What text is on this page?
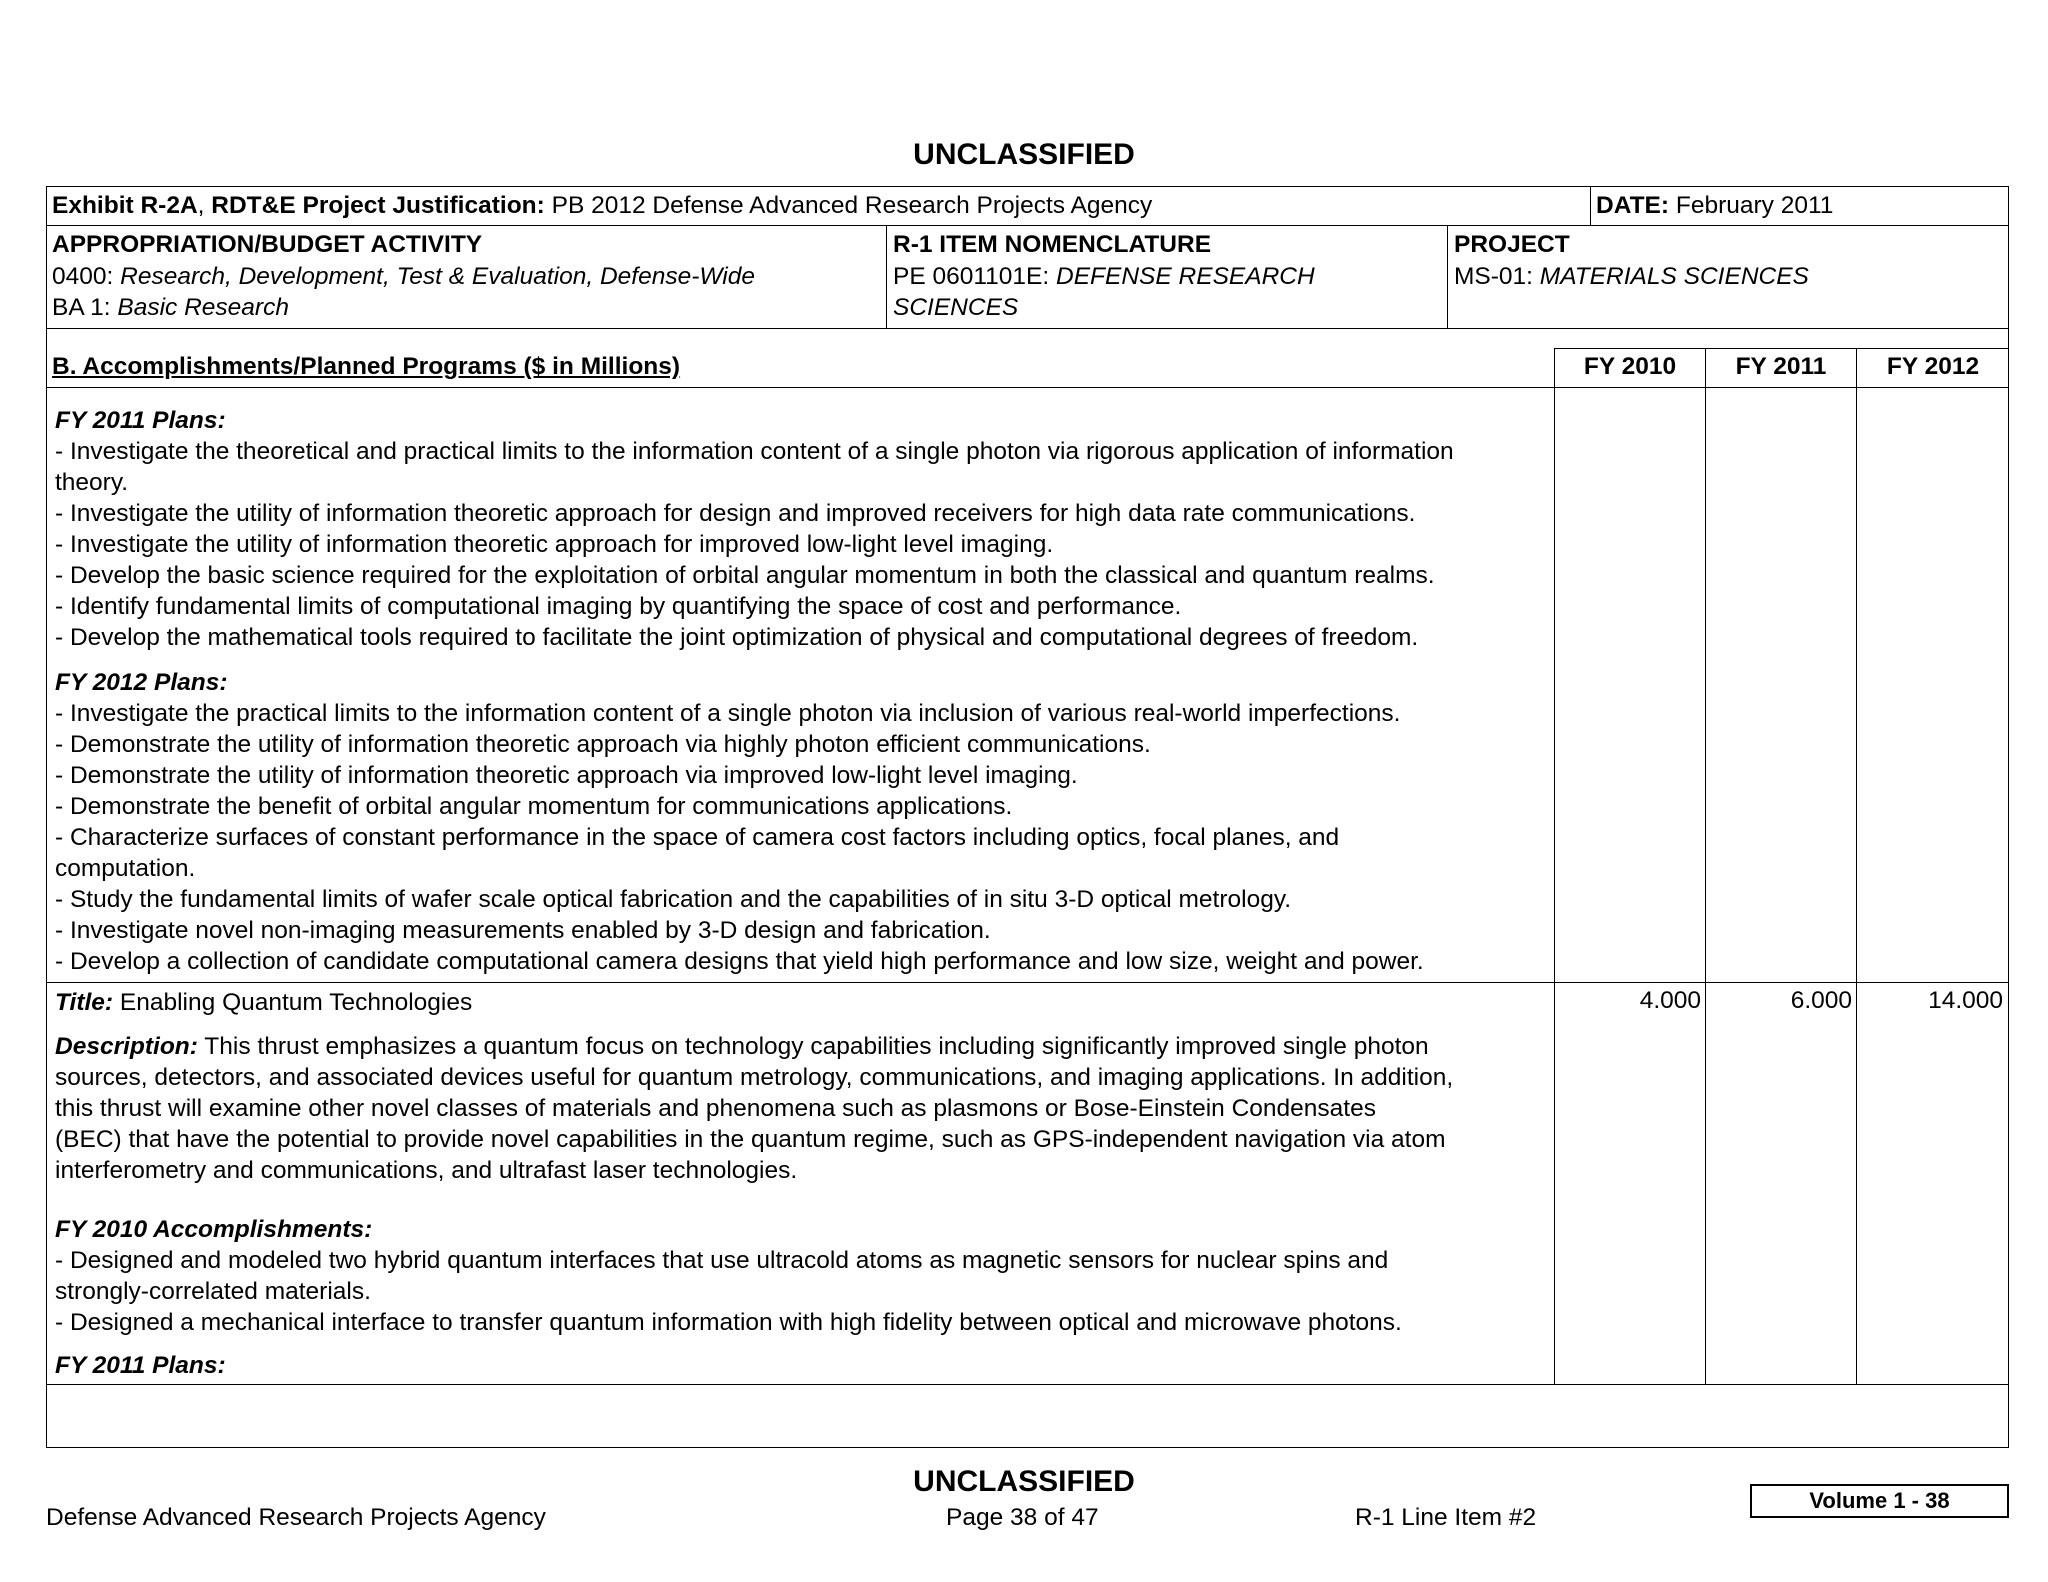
UNCLASSIFIED
Exhibit R-2A, RDT&E Project Justification: PB 2012 Defense Advanced Research Projects Agency	DATE: February 2011
APPROPRIATION/BUDGET ACTIVITY
0400: Research, Development, Test & Evaluation, Defense-Wide
BA 1: Basic Research
R-1 ITEM NOMENCLATURE
PE 0601101E: DEFENSE RESEARCH
SCIENCES
PROJECT
MS-01: MATERIALS SCIENCES
B. Accomplishments/Planned Programs ($ in Millions)	FY 2010	FY 2011	FY 2012
FY 2011 Plans:
- Investigate the theoretical and practical limits to the information content of a single photon via rigorous application of information
theory.
- Investigate the utility of information theoretic approach for design and improved receivers for high data rate communications.
- Investigate the utility of information theoretic approach for improved low-light level imaging.
- Develop the basic science required for the exploitation of orbital angular momentum in both the classical and quantum realms.
- Identify fundamental limits of computational imaging by quantifying the space of cost and performance.
- Develop the mathematical tools required to facilitate the joint optimization of physical and computational degrees of freedom.
FY 2012 Plans:
- Investigate the practical limits to the information content of a single photon via inclusion of various real-world imperfections.
- Demonstrate the utility of information theoretic approach via highly photon efficient communications.
- Demonstrate the utility of information theoretic approach via improved low-light level imaging.
- Demonstrate the benefit of orbital angular momentum for communications applications.
- Characterize surfaces of constant performance in the space of camera cost factors including optics, focal planes, and
computation.
- Study the fundamental limits of wafer scale optical fabrication and the capabilities of in situ 3-D optical metrology.
- Investigate novel non-imaging measurements enabled by 3-D design and fabrication.
- Develop a collection of candidate computational camera designs that yield high performance and low size, weight and power.
Title: Enabling Quantum Technologies	4.000	6.000	14.000
Description: This thrust emphasizes a quantum focus on technology capabilities including significantly improved single photon
sources, detectors, and associated devices useful for quantum metrology, communications, and imaging applications. In addition,
this thrust will examine other novel classes of materials and phenomena such as plasmons or Bose-Einstein Condensates
(BEC) that have the potential to provide novel capabilities in the quantum regime, such as GPS-independent navigation via atom
interferometry and communications, and ultrafast laser technologies.
FY 2010 Accomplishments:
- Designed and modeled two hybrid quantum interfaces that use ultracold atoms as magnetic sensors for nuclear spins and
strongly-correlated materials.
- Designed a mechanical interface to transfer quantum information with high fidelity between optical and microwave photons.
FY 2011 Plans:
UNCLASSIFIED
Defense Advanced Research Projects Agency	Page 38 of 47	R-1 Line Item #2
Volume 1 - 38
